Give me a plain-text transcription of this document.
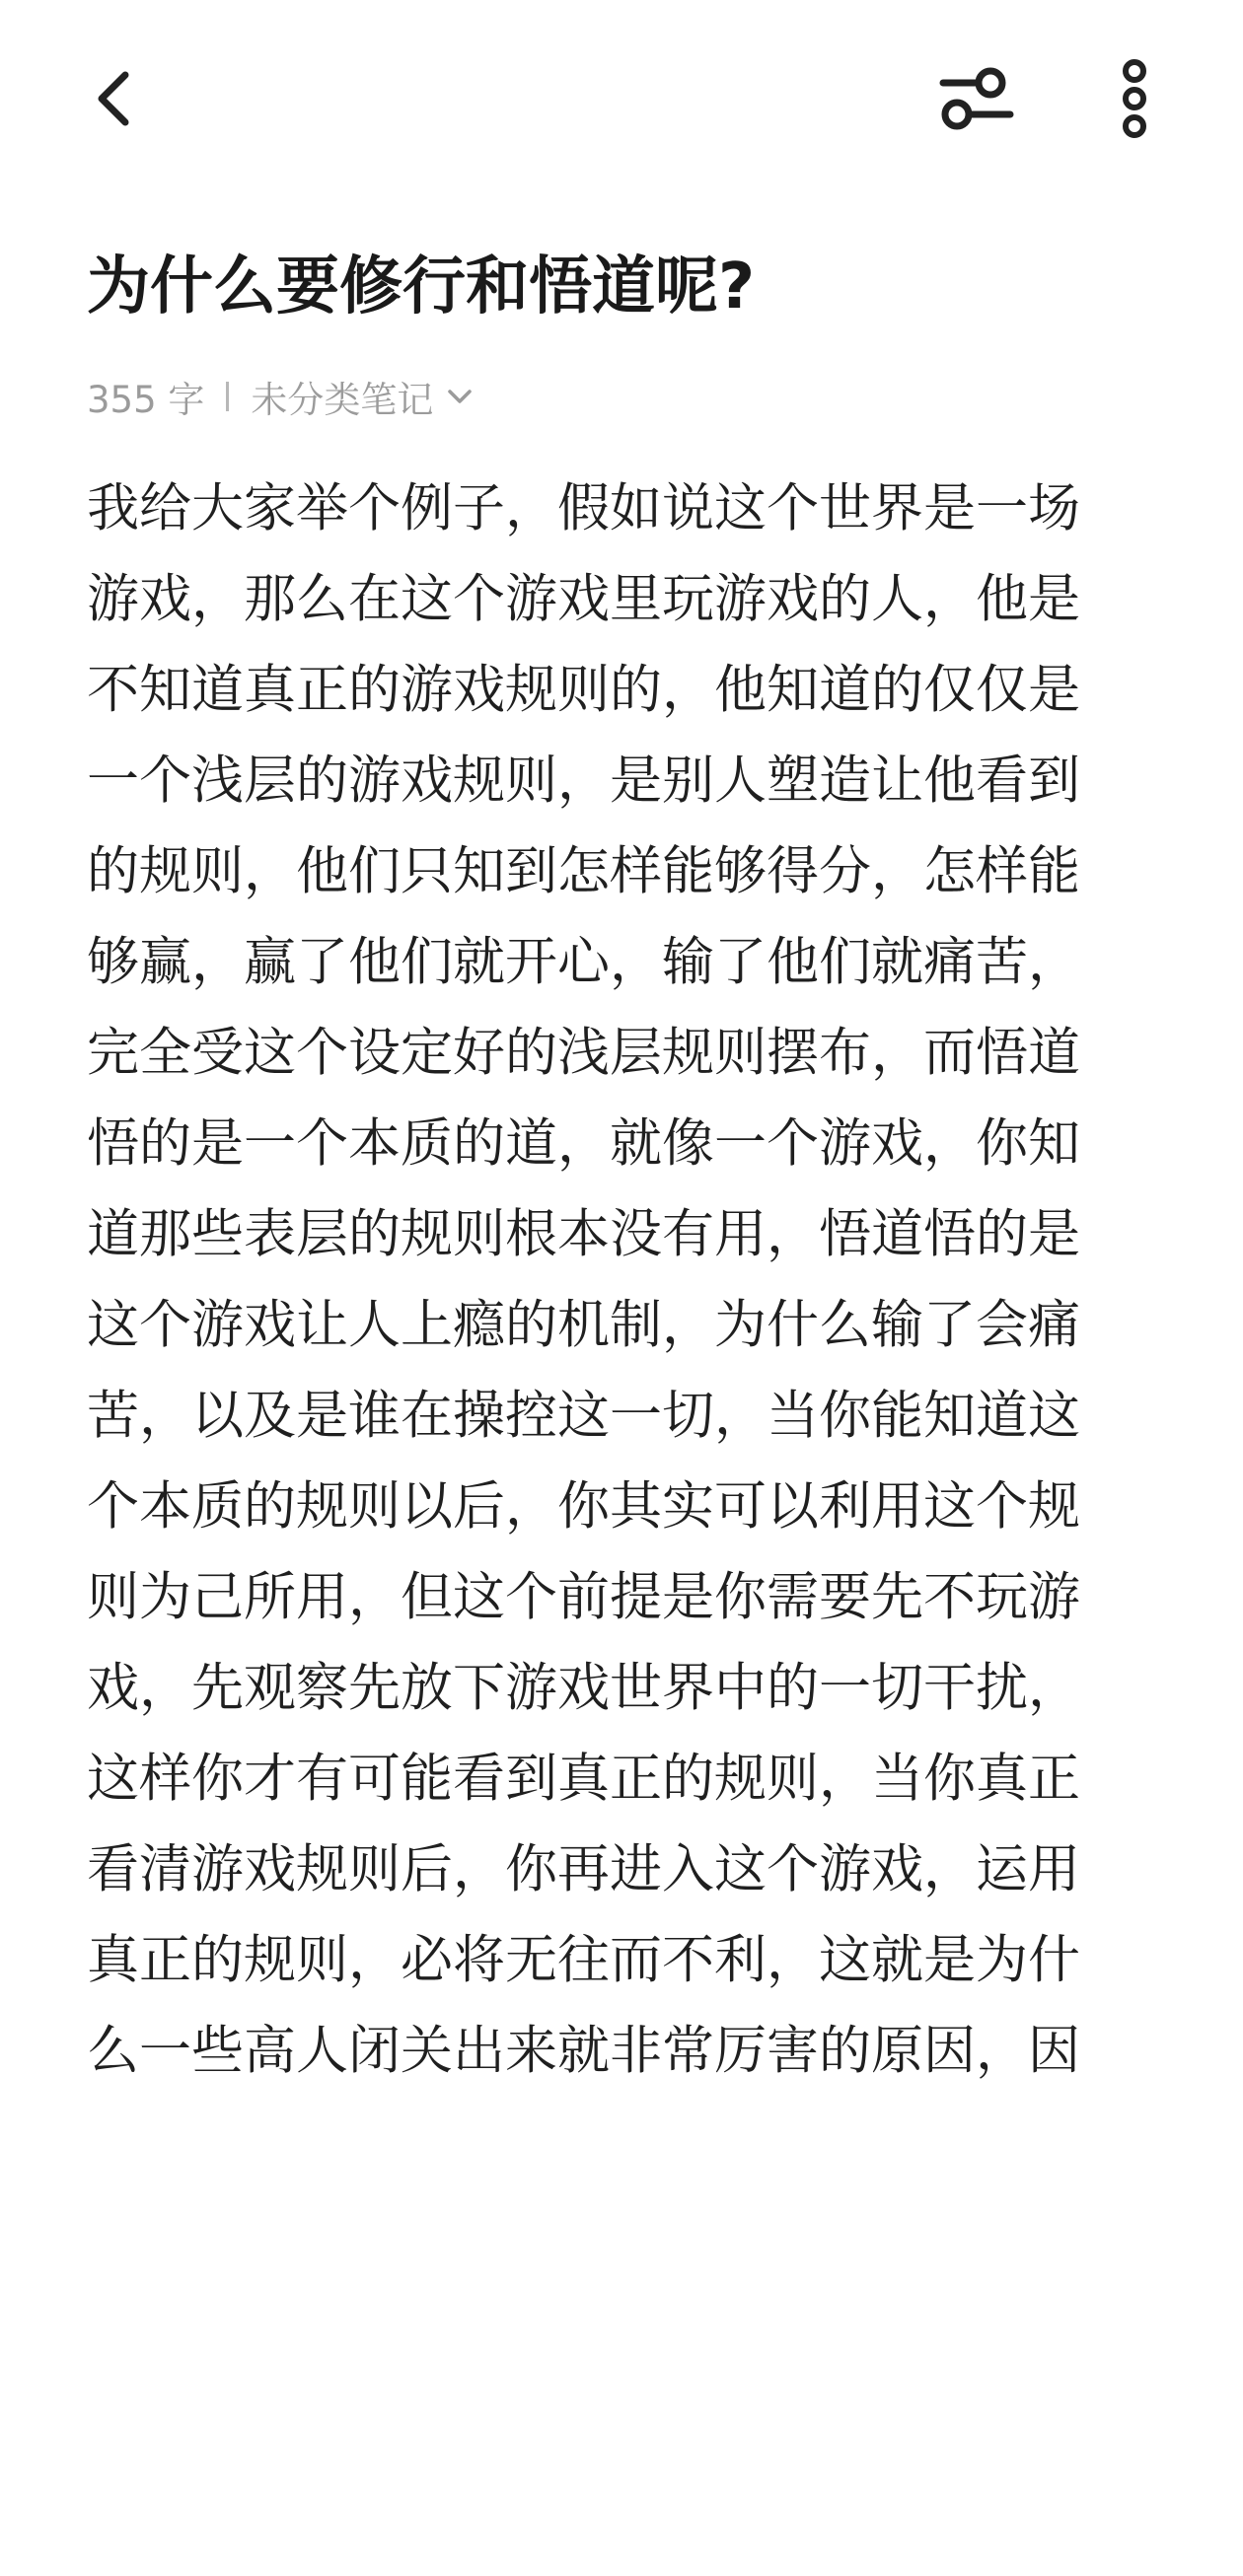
为什么要修行和悟道呢?
355 字 未分类笔记
我给大家举个例子，假如说这个世界是一场
游戏，那么在这个游戏里玩游戏的人，他是
不知道真正的游戏规则的，他知道的仅仅是
一个浅层的游戏规则，是别人塑造让他看到
的规则，他们只知到怎样能够得分，怎样能
够赢，赢了他们就开心，输了他们就痛苦，
完全受这个设定好的浅层规则摆布，而悟道
悟的是一个本质的道，就像一个游戏，你知
道那些表层的规则根本没有用，悟道悟的是
这个游戏让人上瘾的机制，为什么输了会痛
苦，以及是谁在操控这一切，当你能知道这
个本质的规则以后，你其实可以利用这个规
则为己所用，但这个前提是你需要先不玩游
戏，先观察先放下游戏世界中的一切干扰，
这样你才有可能看到真正的规则，当你真正
看清游戏规则后，你再进入这个游戏，运用
真正的规则，必将无往而不利，这就是为什
么一些高人闭关出来就非常厉害的原因，因
